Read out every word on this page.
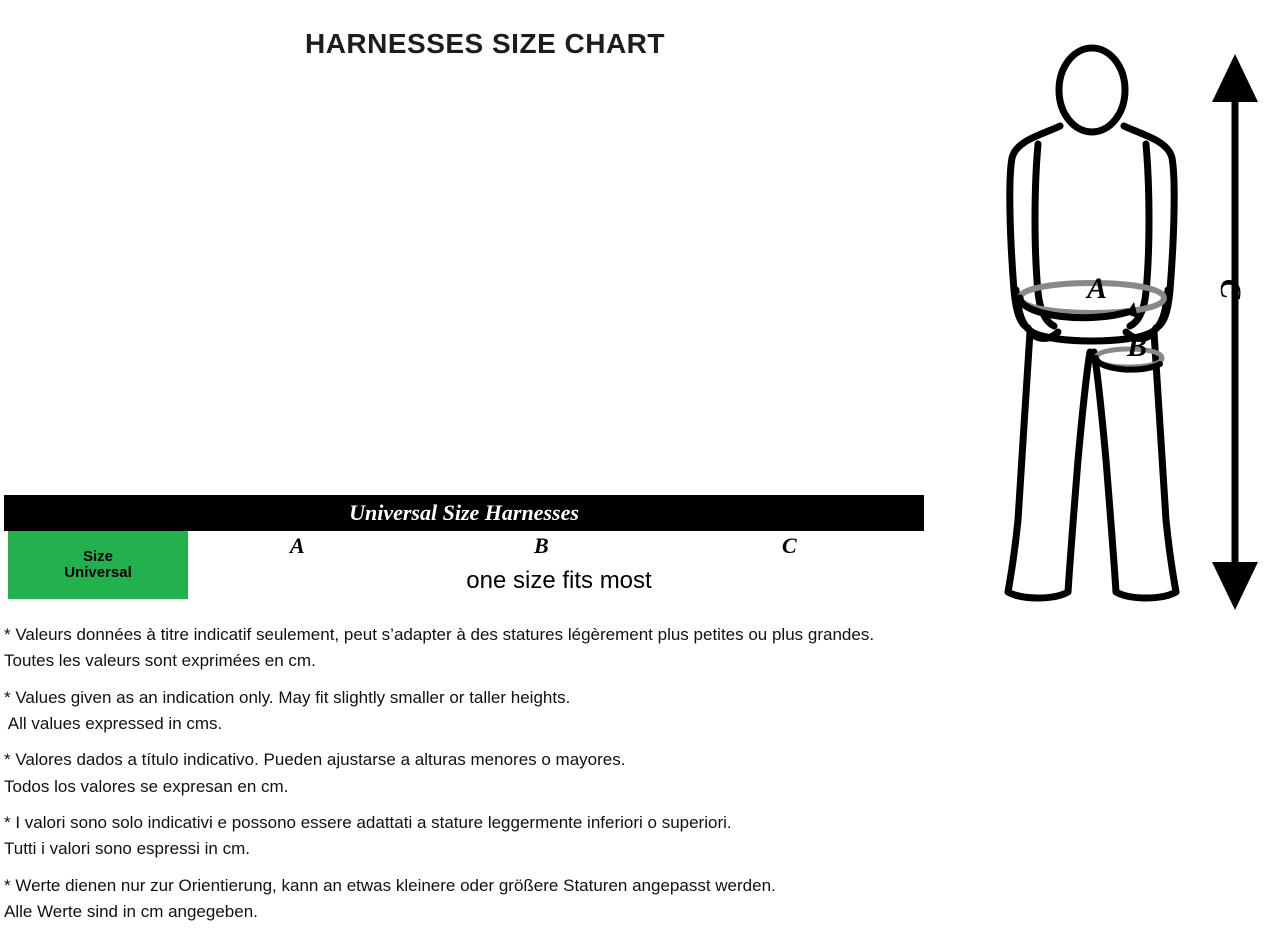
HARNESSES SIZE CHART
A
B
C
Universal Size Harnesses
Size
Universal
A	B	C
one size fits most
* Valeurs données à titre indicatif seulement, peut s’adapter à des statures légèrement plus petites ou plus grandes.
Toutes les valeurs sont exprimées en cm.
* Values given as an indication only. May fit slightly smaller or taller heights.
All values expressed in cms.
* Valores dados a título indicativo. Pueden ajustarse a alturas menores o mayores.
Todos los valores se expresan en cm.
* I valori sono solo indicativi e possono essere adattati a stature leggermente inferiori o superiori.
Tutti i valori sono espressi in cm.
* Werte dienen nur zur Orientierung, kann an etwas kleinere oder größere Staturen angepasst werden.
Alle Werte sind in cm angegeben.
